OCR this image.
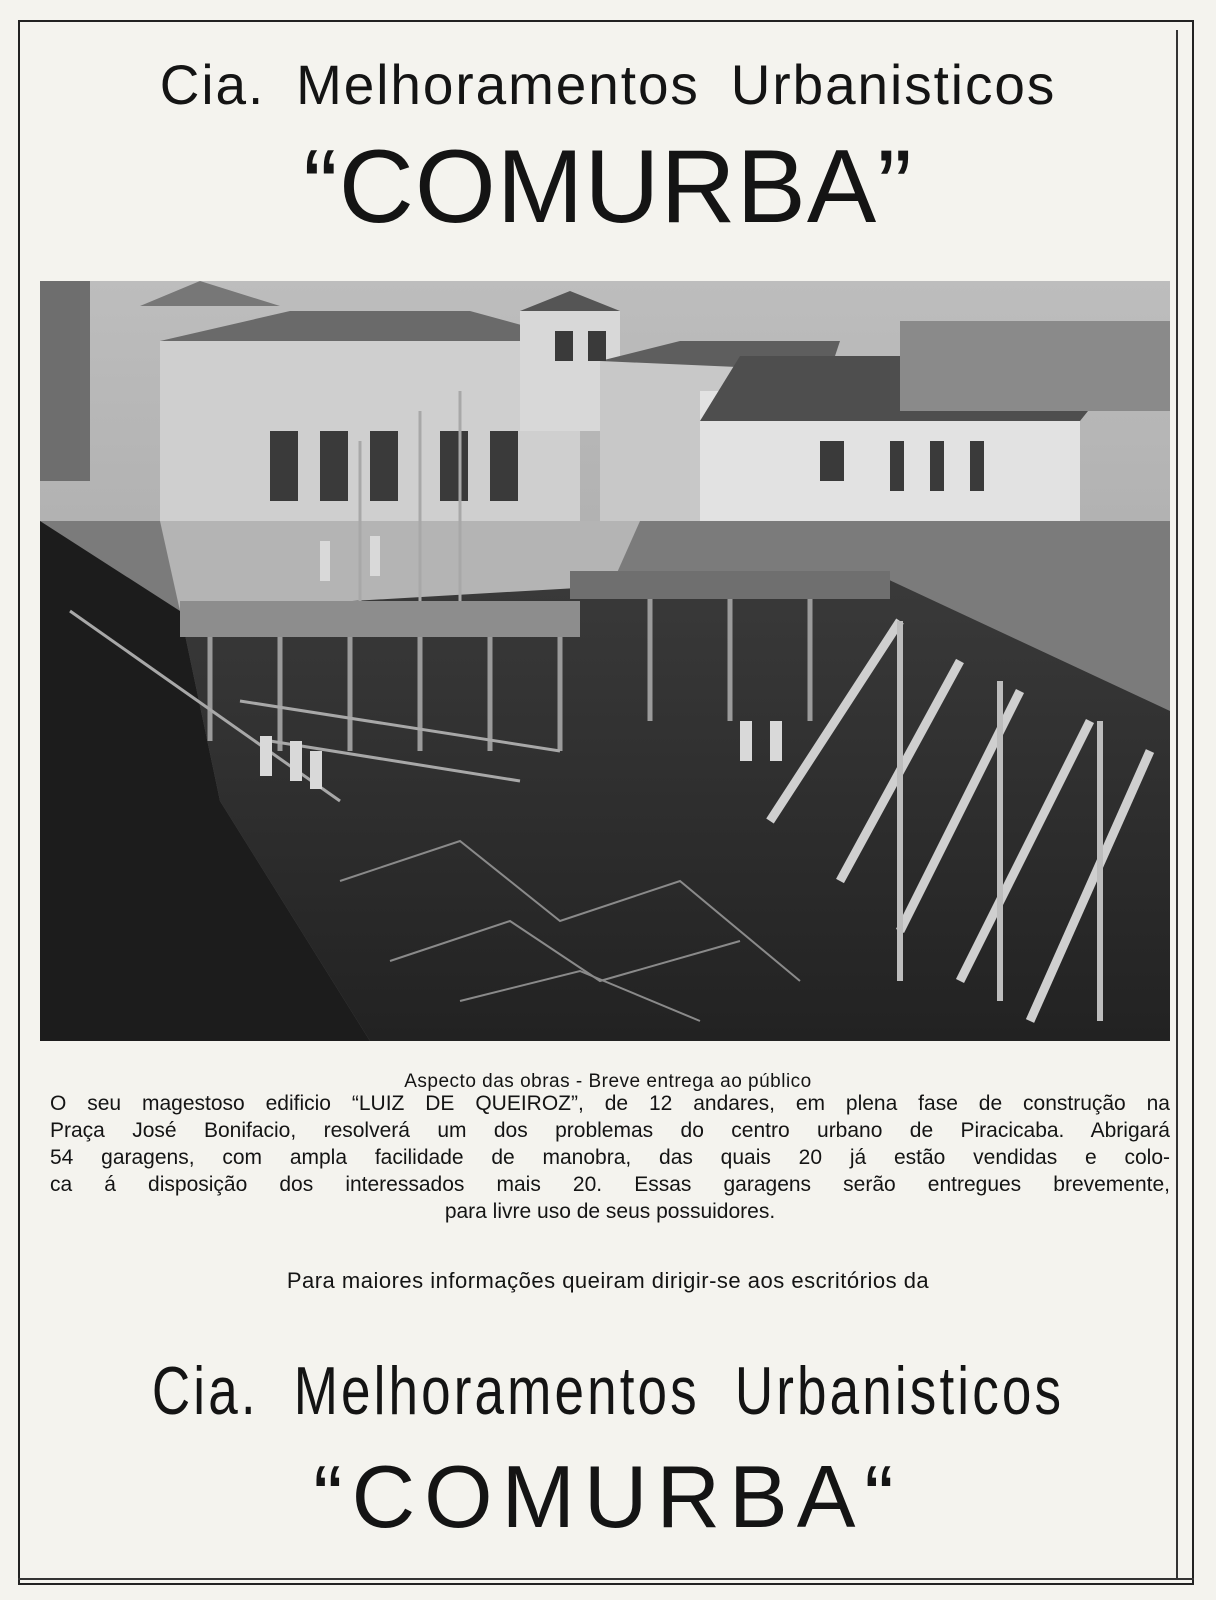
Cia. Melhoramentos Urbanisticos
“COMURBA”
Aspecto das obras - Breve entrega ao público
O seu magestoso edificio “LUIZ DE QUEIROZ”, de 12 andares, em plena fase de construção na
Praça José Bonifacio, resolverá um dos problemas do centro urbano de Piracicaba. Abrigará
54 garagens, com ampla facilidade de manobra, das quais 20 já estão vendidas e colo-
ca á disposição dos interessados mais 20. Essas garagens serão entregues brevemente,
para livre uso de seus possuidores.
Para maiores informações queiram dirigir-se aos escritórios da
Cia. Melhoramentos Urbanisticos
“COMURBA“
